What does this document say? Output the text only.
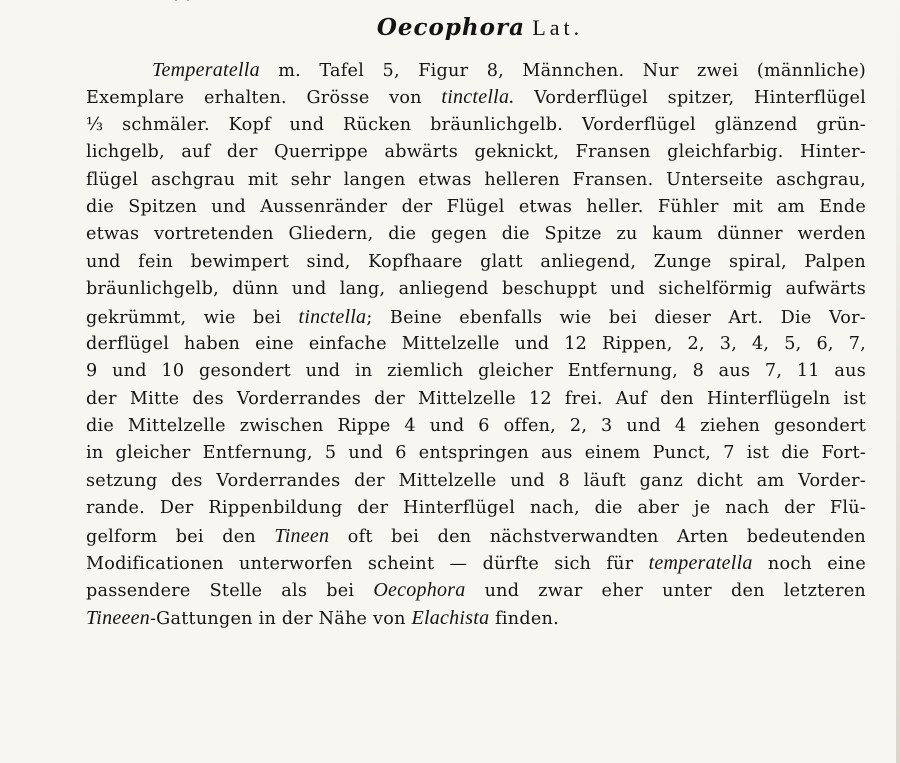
Oecophora Lat.
Temperatella m. Tafel 5, Figur 8, Männchen. Nur zwei (männliche)
Exemplare erhalten. Grösse von tinctella. Vorderflügel spitzer, Hinterflügel
⅓ schmäler. Kopf und Rücken bräunlichgelb. Vorderflügel glänzend grün-
lichgelb, auf der Querrippe abwärts geknickt, Fransen gleichfarbig. Hinter-
flügel aschgrau mit sehr langen etwas helleren Fransen. Unterseite aschgrau,
die Spitzen und Aussenränder der Flügel etwas heller. Fühler mit am Ende
etwas vortretenden Gliedern, die gegen die Spitze zu kaum dünner werden
und fein bewimpert sind, Kopfhaare glatt anliegend, Zunge spiral, Palpen
bräunlichgelb, dünn und lang, anliegend beschuppt und sichelförmig aufwärts
gekrümmt, wie bei tinctella; Beine ebenfalls wie bei dieser Art. Die Vor-
derflügel haben eine einfache Mittelzelle und 12 Rippen, 2, 3, 4, 5, 6, 7,
9 und 10 gesondert und in ziemlich gleicher Entfernung, 8 aus 7, 11 aus
der Mitte des Vorderrandes der Mittelzelle 12 frei. Auf den Hinterflügeln ist
die Mittelzelle zwischen Rippe 4 und 6 offen, 2, 3 und 4 ziehen gesondert
in gleicher Entfernung, 5 und 6 entspringen aus einem Punct, 7 ist die Fort-
setzung des Vorderrandes der Mittelzelle und 8 läuft ganz dicht am Vorder-
rande. Der Rippenbildung der Hinterflügel nach, die aber je nach der Flü-
gelform bei den Tineen oft bei den nächstverwandten Arten bedeutenden
Modificationen unterworfen scheint — dürfte sich für temperatella noch eine
passendere Stelle als bei Oecophora und zwar eher unter den letzteren
Tineeen-Gattungen in der Nähe von Elachista finden.
